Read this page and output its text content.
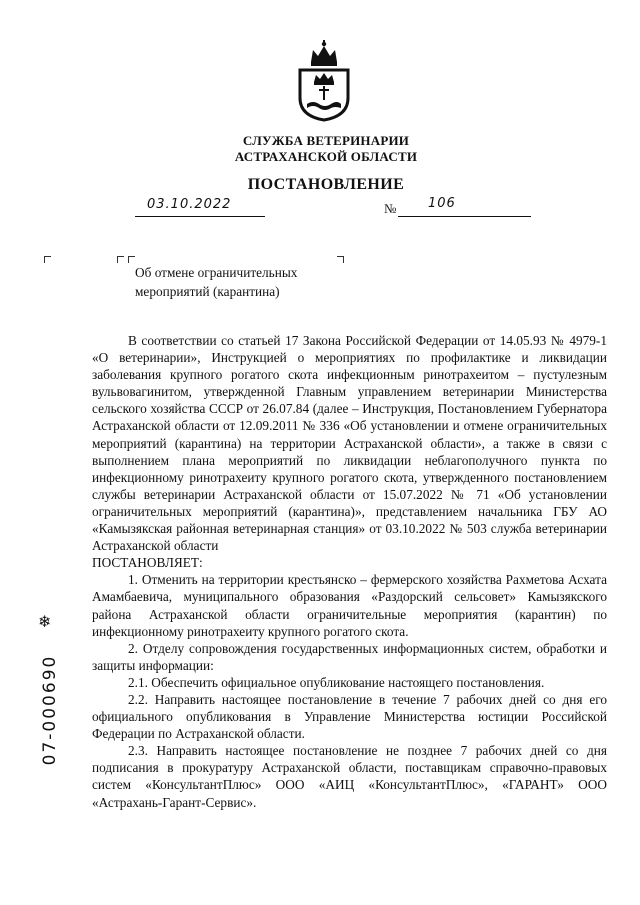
СЛУЖБА ВЕТЕРИНАРИИ
АСТРАХАНСКОЙ ОБЛАСТИ
ПОСТАНОВЛЕНИЕ
03.10.2022	№ 106
Об отмене ограничительных
мероприятий (карантина)

В соответствии со статьей 17 Закона Российской Федерации от 14.05.93 № 4979-1 «О ветеринарии», Инструкцией о мероприятиях по профилактике и ликвидации заболевания крупного рогатого скота инфекционным ринотрахеитом – пустулезным вульвовагинитом, утвержденной Главным управлением ветеринарии Министерства сельского хозяйства СССР от 26.07.84 (далее – Инструкция, Постановлением Губернатора Астраханской области от 12.09.2011 № 336 «Об установлении и отмене ограничительных мероприятий (карантина) на территории Астраханской области», а также в связи с выполнением плана мероприятий по ликвидации неблагополучного пункта по инфекционному ринотрахеиту крупного рогатого скота, утвержденного постановлением службы ветеринарии Астраханской области от 15.07.2022 № 71 «Об установлении ограничительных мероприятий (карантина)», представлением начальника ГБУ АО «Камызякская районная ветеринарная станция» от 03.10.2022 № 503 служба ветеринарии Астраханской области

ПОСТАНОВЛЯЕТ:

1. Отменить на территории крестьянско – фермерского хозяйства Рахметова Асхата Амамбаевича, муниципального образования «Раздорский сельсовет» Камызякского района Астраханской области ограничительные мероприятия (карантин) по инфекционному ринотрахеиту крупного рогатого скота.

2. Отделу сопровождения государственных информационных систем, обработки и защиты информации:

2.1. Обеспечить официальное опубликование настоящего постановления.

2.2. Направить настоящее постановление в течение 7 рабочих дней со дня его официального опубликования в Управление Министерства юстиции Российской Федерации по Астраханской области.

2.3. Направить настоящее постановление не позднее 7 рабочих дней со дня подписания в прокуратуру Астраханской области, поставщикам справочно-правовых систем «КонсультантПлюс» ООО «АИЦ «КонсультантПлюс», «ГАРАНТ» ООО «Астрахань-Гарант-Сервис».

❄
07-000690
